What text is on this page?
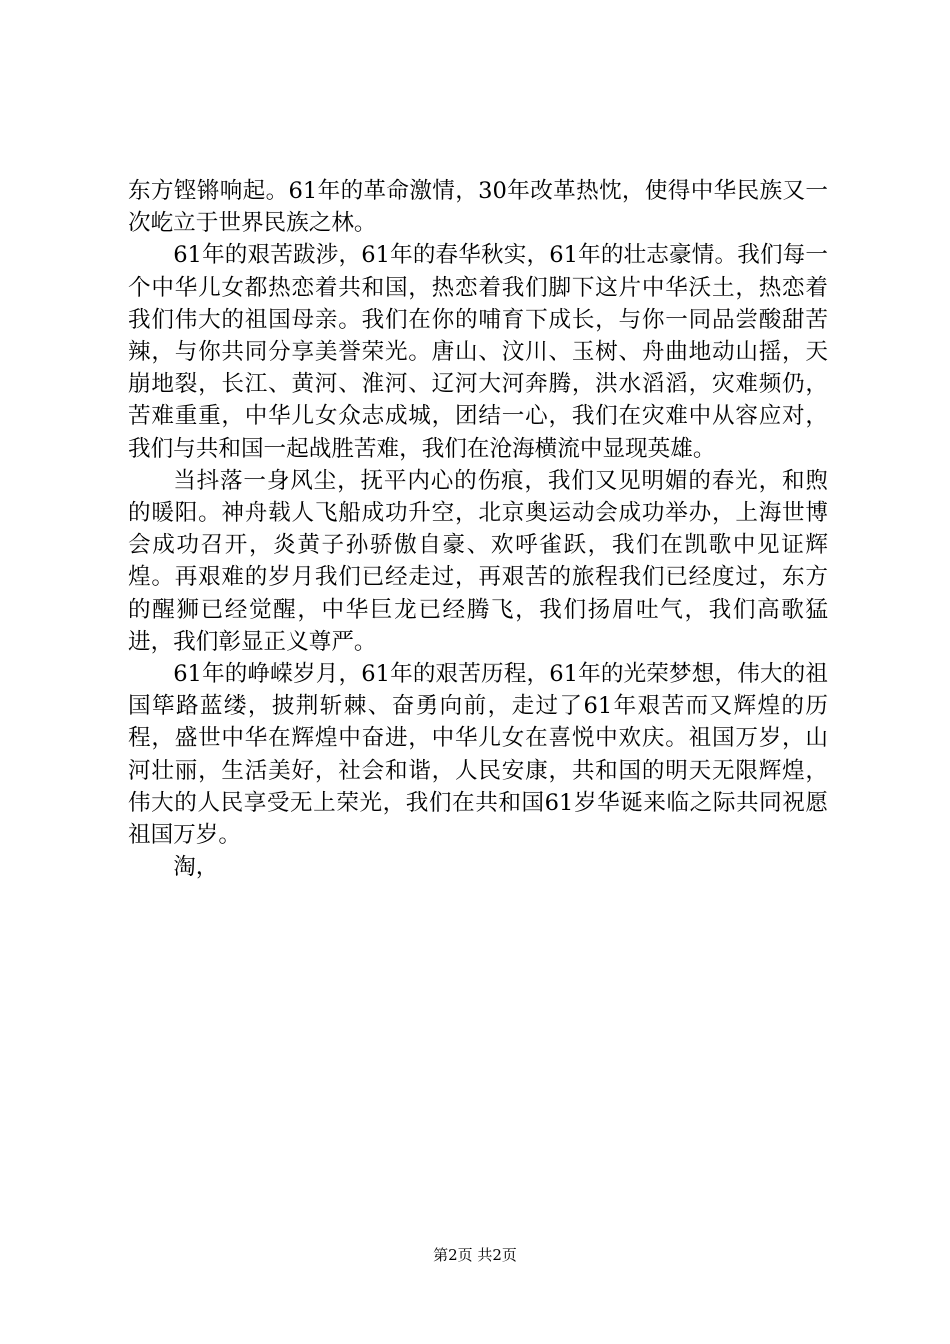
东方铿锵响起。61年的革命激情，30年改革热忱，使得中华民族又一次屹立于世界民族之林。

61年的艰苦跋涉，61年的春华秋实，61年的壮志豪情。我们每一个中华儿女都热恋着共和国，热恋着我们脚下这片中华沃土，热恋着我们伟大的祖国母亲。我们在你的哺育下成长，与你一同品尝酸甜苦辣，与你共同分享美誉荣光。唐山、汶川、玉树、舟曲地动山摇，天崩地裂，长江、黄河、淮河、辽河大河奔腾，洪水滔滔，灾难频仍，苦难重重，中华儿女众志成城，团结一心，我们在灾难中从容应对，我们与共和国一起战胜苦难，我们在沧海横流中显现英雄。

当抖落一身风尘，抚平内心的伤痕，我们又见明媚的春光，和煦的暖阳。神舟载人飞船成功升空，北京奥运动会成功举办，上海世博会成功召开，炎黄子孙骄傲自豪、欢呼雀跃，我们在凯歌中见证辉煌。再艰难的岁月我们已经走过，再艰苦的旅程我们已经度过，东方的醒狮已经觉醒，中华巨龙已经腾飞，我们扬眉吐气，我们高歌猛进，我们彰显正义尊严。

61年的峥嵘岁月，61年的艰苦历程，61年的光荣梦想，伟大的祖国筚路蓝缕，披荆斩棘、奋勇向前，走过了61年艰苦而又辉煌的历程，盛世中华在辉煌中奋进，中华儿女在喜悦中欢庆。祖国万岁，山河壮丽，生活美好，社会和谐，人民安康，共和国的明天无限辉煌，伟大的人民享受无上荣光，我们在共和国61岁华诞来临之际共同祝愿祖国万岁。

淘，

第2页 共2页
